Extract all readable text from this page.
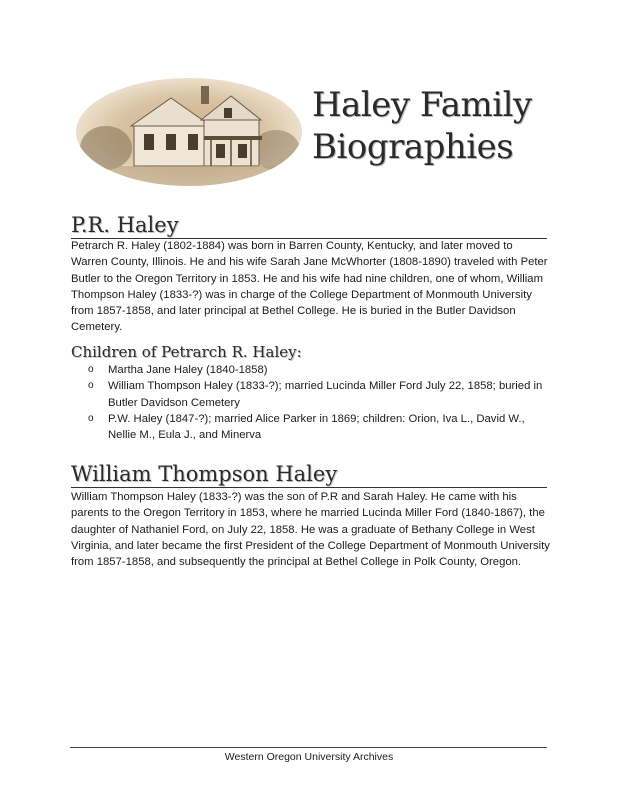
Haley Family
Biographies
P.R. Haley
Petrarch R. Haley (1802-1884) was born in Barren County, Kentucky, and later moved to Warren County, Illinois. He and his wife Sarah Jane McWhorter (1808-1890) traveled with Peter Butler to the Oregon Territory in 1853. He and his wife had nine children, one of whom, William Thompson Haley (1833-?) was in charge of the College Department of Monmouth University from 1857-1858, and later principal at Bethel College. He is buried in the Butler Davidson Cemetery.
Children of Petrarch R. Haley:
o Martha Jane Haley (1840-1858)
o William Thompson Haley (1833-?); married Lucinda Miller Ford July 22, 1858; buried in Butler Davidson Cemetery
o P.W. Haley (1847-?); married Alice Parker in 1869; children: Orion, Iva L., David W., Nellie M., Eula J., and Minerva
William Thompson Haley
William Thompson Haley (1833-?) was the son of P.R and Sarah Haley. He came with his parents to the Oregon Territory in 1853, where he married Lucinda Miller Ford (1840-1867), the daughter of Nathaniel Ford, on July 22, 1858. He was a graduate of Bethany College in West Virginia, and later became the first President of the College Department of Monmouth University from 1857-1858, and subsequently the principal at Bethel College in Polk County, Oregon.
Western Oregon University Archives
